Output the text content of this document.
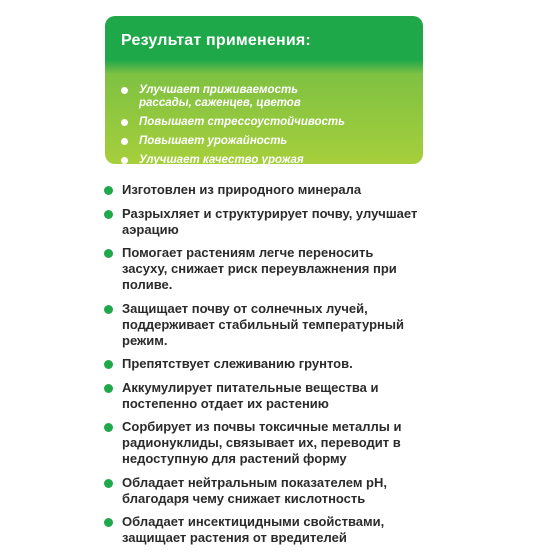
Результат применения:
Улучшает приживаемость
рассады, саженцев, цветов
Повышает стрессоустойчивость
Повышает урожайность
Улучшает качество урожая
Изготовлен из природного минерала
Разрыхляет и структурирует почву, улучшает
аэрацию
Помогает растениям легче переносить
засуху, снижает риск переувлажнения при
поливе.
Защищает почву от солнечных лучей,
поддерживает стабильный температурный
режим.
Препятствует слеживанию грунтов.
Аккумулирует питательные вещества и
постепенно отдает их растению
Сорбирует из почвы токсичные металлы и
радионуклиды, связывает их, переводит в
недоступную для растений форму
Обладает нейтральным показателем рН,
благодаря чему снижает кислотность
Обладает инсектицидными свойствами,
защищает растения от вредителей
